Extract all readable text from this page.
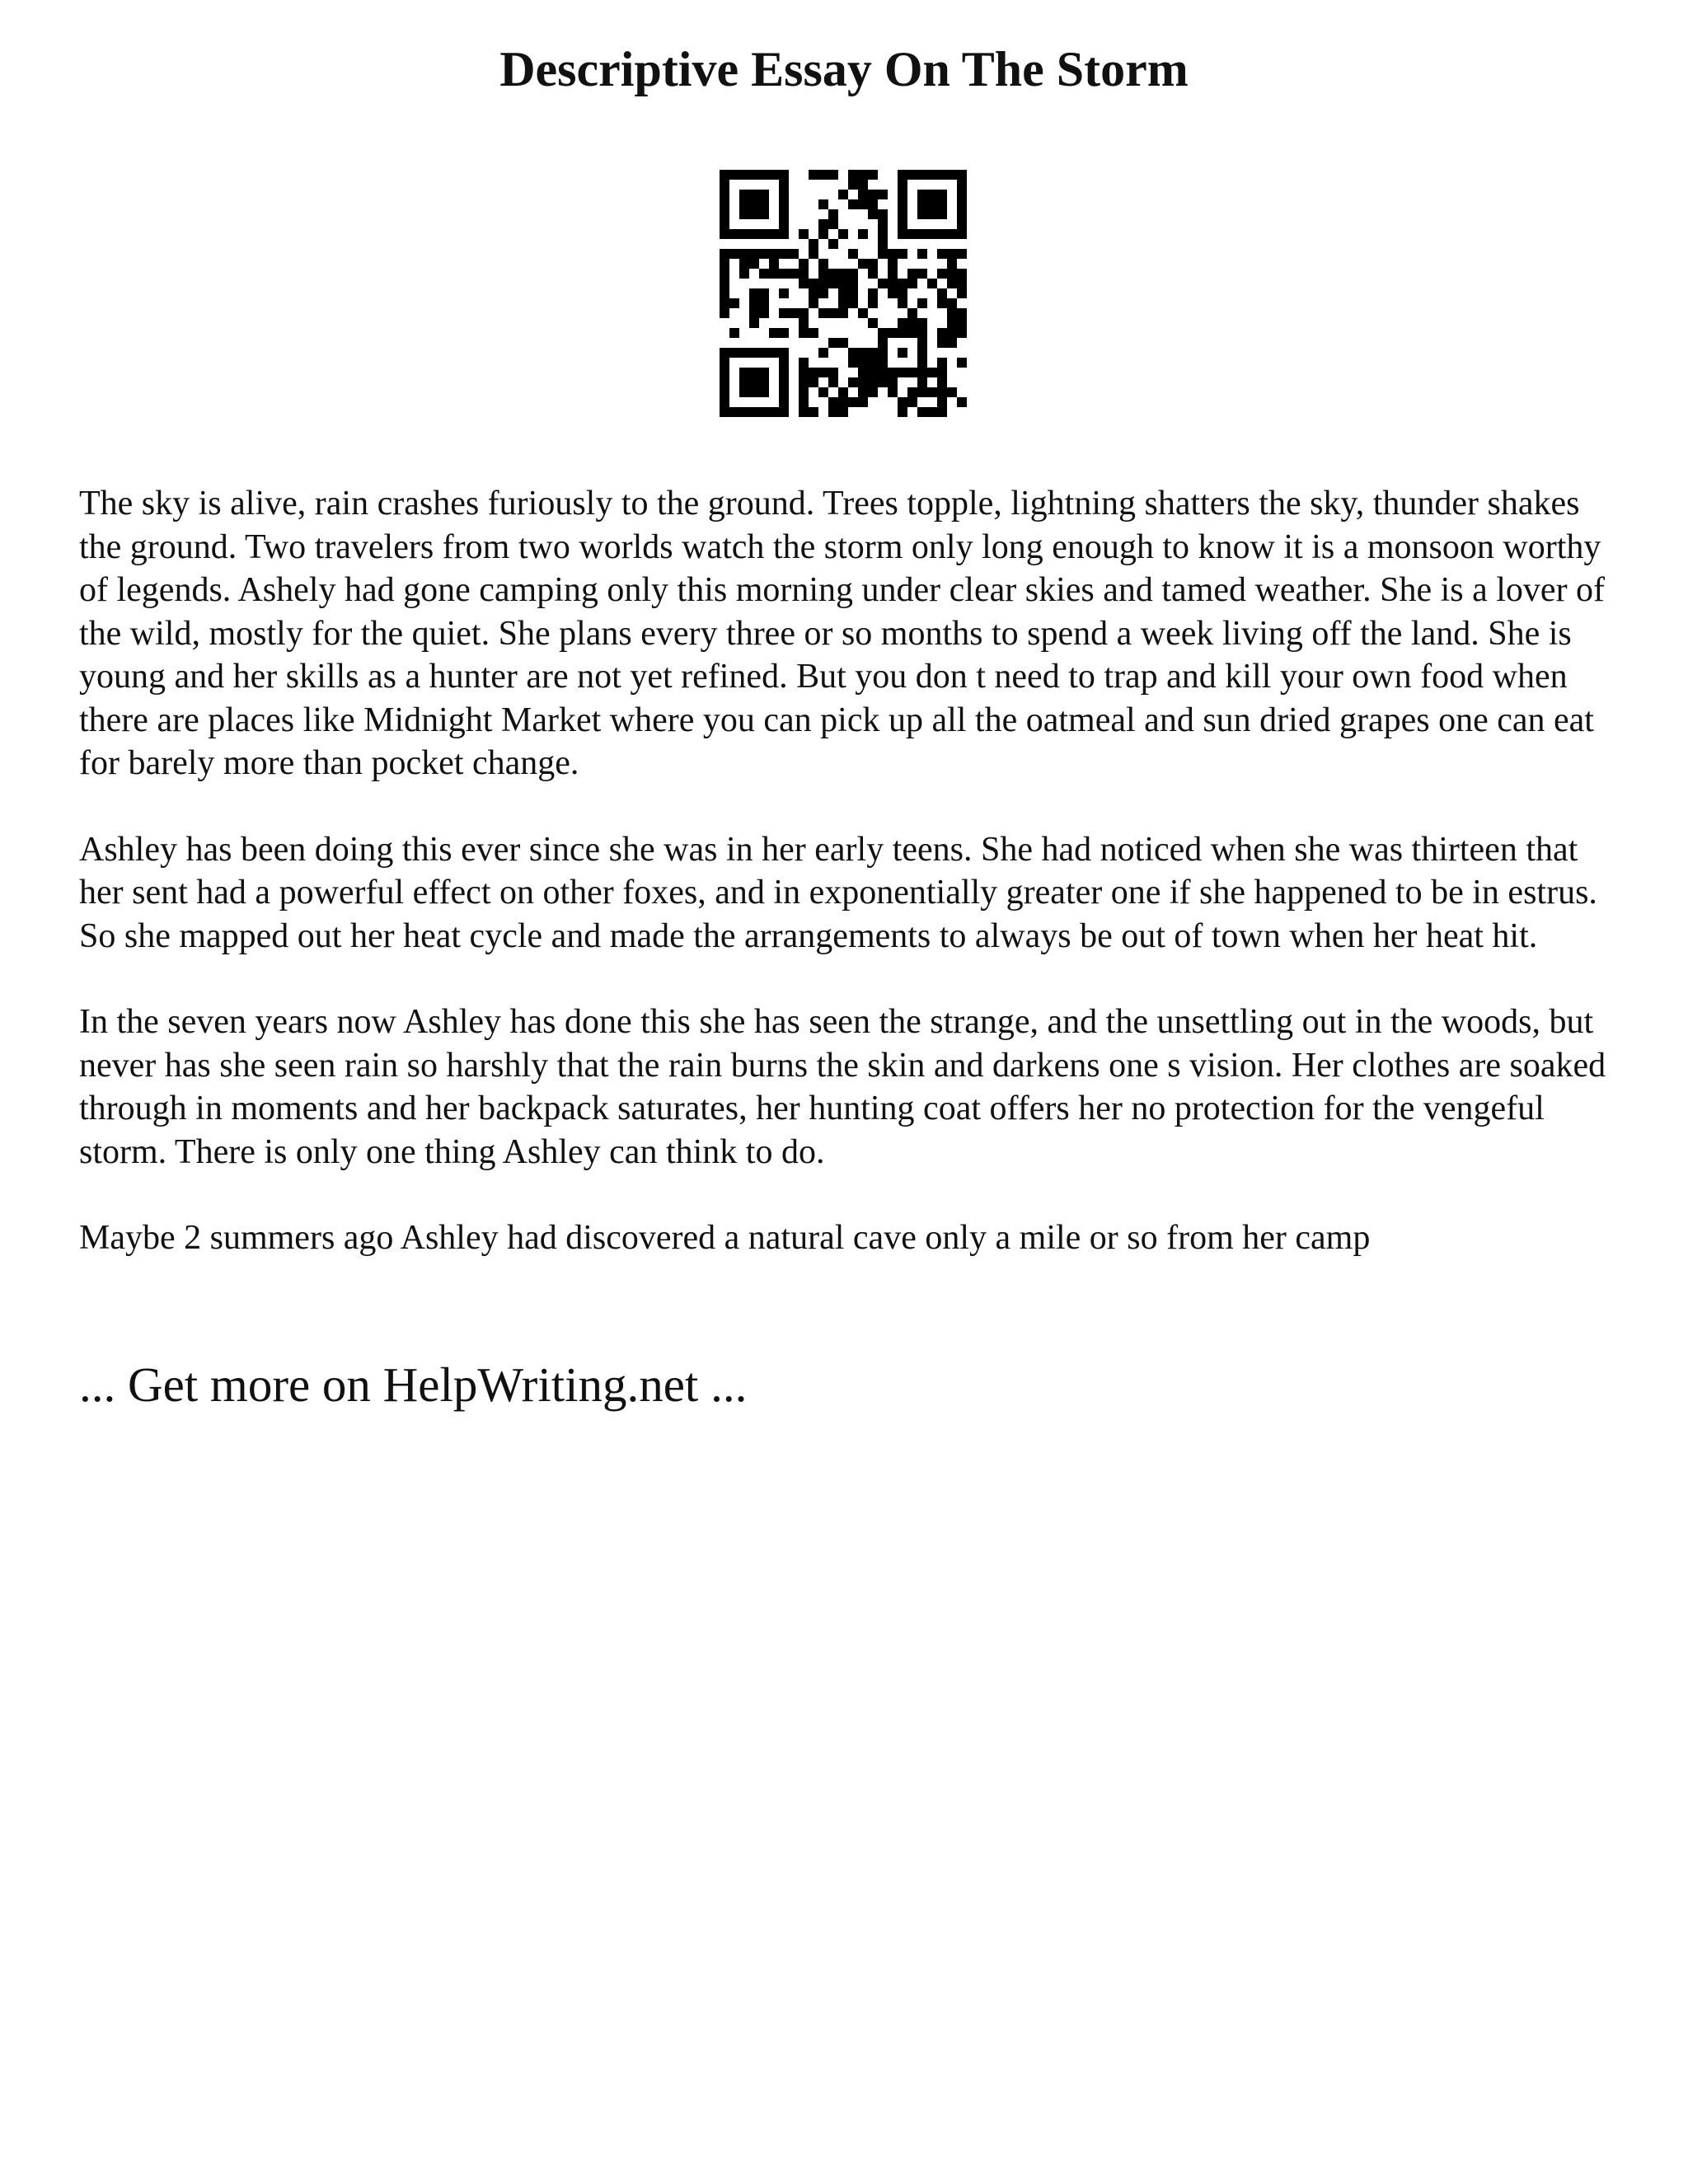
Descriptive Essay On The Storm

The sky is alive, rain crashes furiously to the ground. Trees topple, lightning shatters the sky, thunder shakes the ground. Two travelers from two worlds watch the storm only long enough to know it is a monsoon worthy of legends. Ashely had gone camping only this morning under clear skies and tamed weather. She is a lover of the wild, mostly for the quiet. She plans every three or so months to spend a week living off the land. She is young and her skills as a hunter are not yet refined. But you don t need to trap and kill your own food when there are places like Midnight Market where you can pick up all the oatmeal and sun dried grapes one can eat for barely more than pocket change.

Ashley has been doing this ever since she was in her early teens. She had noticed when she was thirteen that her sent had a powerful effect on other foxes, and in exponentially greater one if she happened to be in estrus. So she mapped out her heat cycle and made the arrangements to always be out of town when her heat hit.

In the seven years now Ashley has done this she has seen the strange, and the unsettling out in the woods, but never has she seen rain so harshly that the rain burns the skin and darkens one s vision. Her clothes are soaked through in moments and her backpack saturates, her hunting coat offers her no protection for the vengeful storm. There is only one thing Ashley can think to do.

Maybe 2 summers ago Ashley had discovered a natural cave only a mile or so from her camp

... Get more on HelpWriting.net ...
